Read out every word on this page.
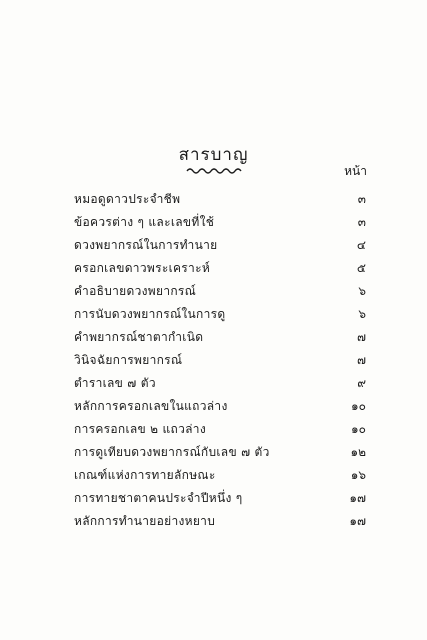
สารบาญ
หน้า
หมอดูดาวประจำชีพ	๓
ข้อควรต่าง ๆ และเลขที่ใช้	๓
ดวงพยากรณ์ในการทำนาย	๔
ครอกเลขดาวพระเคราะห์	๕
คำอธิบายดวงพยากรณ์	๖
การนับดวงพยากรณ์ในการดู	๖
คำพยากรณ์ชาตากำเนิด	๗
วินิจฉัยการพยากรณ์	๗
ตำราเลข ๗ ตัว	๙
หลักการครอกเลขในแถวล่าง	๑๐
การครอกเลข ๒ แถวล่าง	๑๐
การดูเทียบดวงพยากรณ์กับเลข ๗ ตัว	๑๒
เกณฑ์แห่งการทายลักษณะ	๑๖
การทายชาตาคนประจำปีหนึ่ง ๆ	๑๗
หลักการทำนายอย่างหยาบ	๑๗
